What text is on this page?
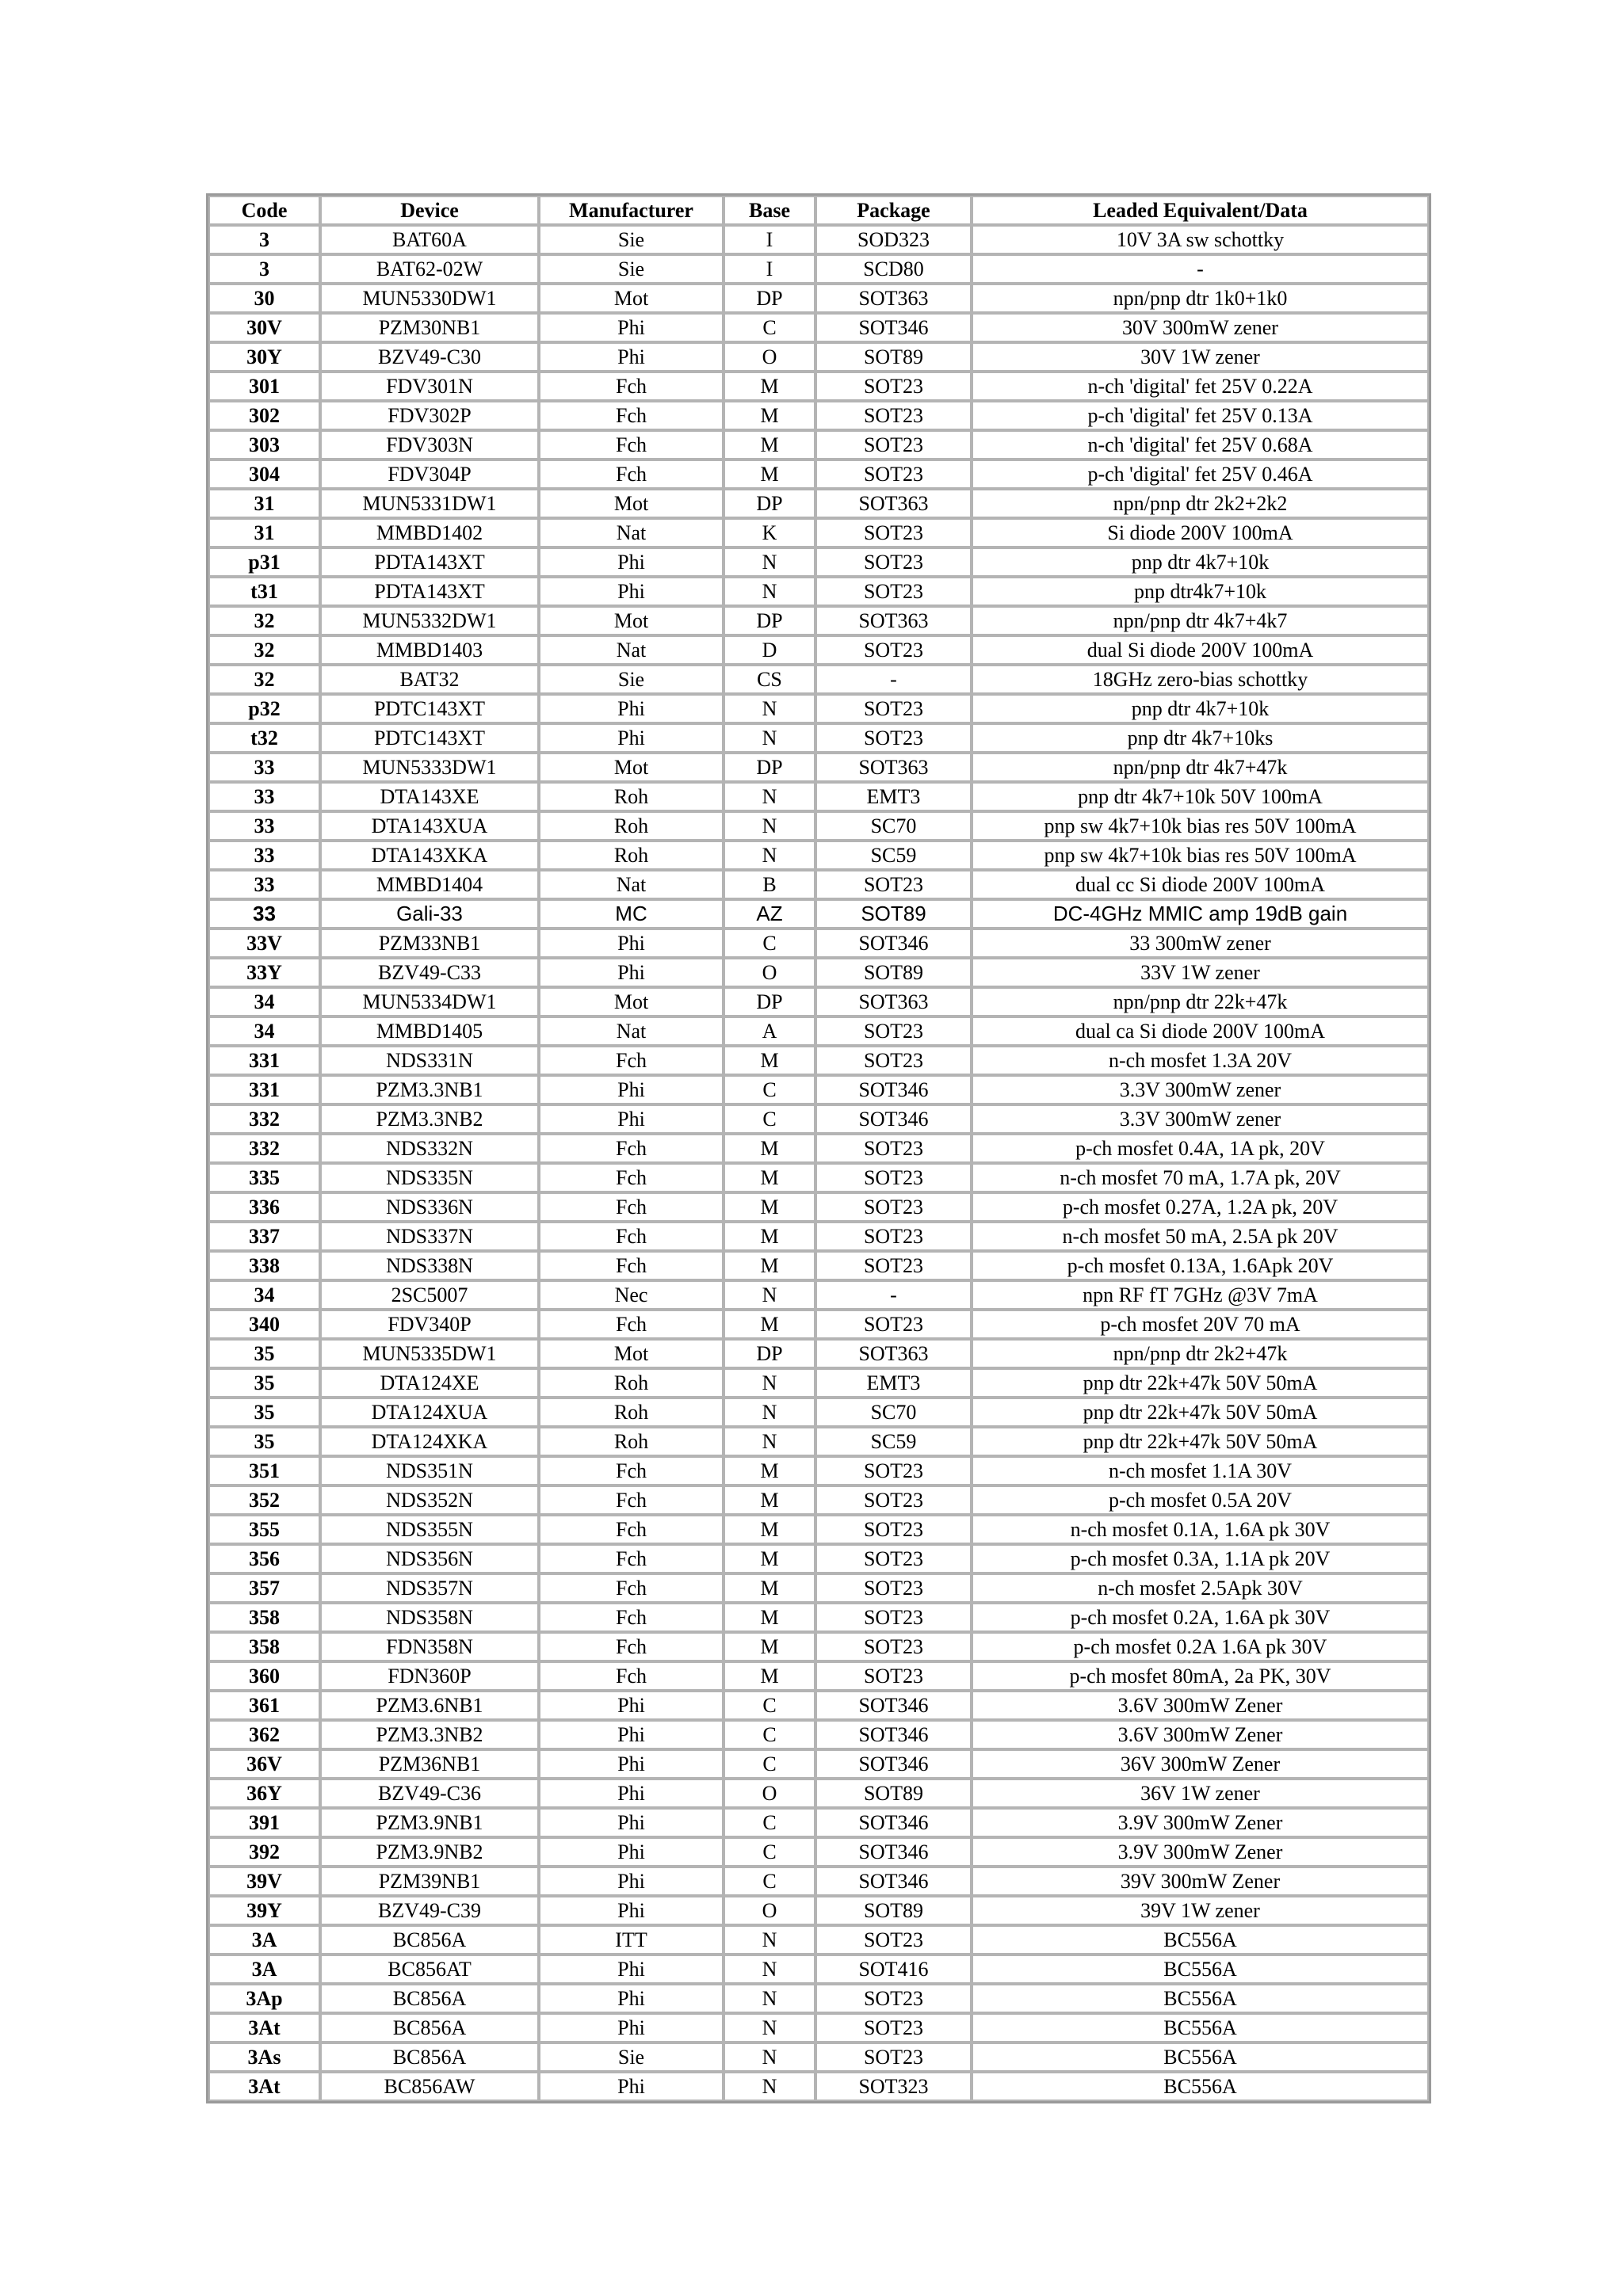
Code	Device	Manufacturer	Base	Package	Leaded Equivalent/Data
3	BAT60A	Sie	I	SOD323	10V 3A sw schottky
3	BAT62-02W	Sie	I	SCD80	-
30	MUN5330DW1	Mot	DP	SOT363	npn/pnp dtr 1k0+1k0
30V	PZM30NB1	Phi	C	SOT346	30V 300mW zener
30Y	BZV49-C30	Phi	O	SOT89	30V 1W zener
301	FDV301N	Fch	M	SOT23	n-ch 'digital' fet 25V 0.22A
302	FDV302P	Fch	M	SOT23	p-ch 'digital' fet 25V 0.13A
303	FDV303N	Fch	M	SOT23	n-ch 'digital' fet 25V 0.68A
304	FDV304P	Fch	M	SOT23	p-ch 'digital' fet 25V 0.46A
31	MUN5331DW1	Mot	DP	SOT363	npn/pnp dtr 2k2+2k2
31	MMBD1402	Nat	K	SOT23	Si diode 200V 100mA
p31	PDTA143XT	Phi	N	SOT23	pnp dtr 4k7+10k
t31	PDTA143XT	Phi	N	SOT23	pnp dtr4k7+10k
32	MUN5332DW1	Mot	DP	SOT363	npn/pnp dtr 4k7+4k7
32	MMBD1403	Nat	D	SOT23	dual Si diode 200V 100mA
32	BAT32	Sie	CS	-	18GHz zero-bias schottky
p32	PDTC143XT	Phi	N	SOT23	pnp dtr 4k7+10k
t32	PDTC143XT	Phi	N	SOT23	pnp dtr 4k7+10ks
33	MUN5333DW1	Mot	DP	SOT363	npn/pnp dtr 4k7+47k
33	DTA143XE	Roh	N	EMT3	pnp dtr 4k7+10k 50V 100mA
33	DTA143XUA	Roh	N	SC70	pnp sw 4k7+10k bias res 50V 100mA
33	DTA143XKA	Roh	N	SC59	pnp sw 4k7+10k bias res 50V 100mA
33	MMBD1404	Nat	B	SOT23	dual cc Si diode 200V 100mA
33	Gali-33	MC	AZ	SOT89	DC-4GHz MMIC amp 19dB gain
33V	PZM33NB1	Phi	C	SOT346	33 300mW zener
33Y	BZV49-C33	Phi	O	SOT89	33V 1W zener
34	MUN5334DW1	Mot	DP	SOT363	npn/pnp dtr 22k+47k
34	MMBD1405	Nat	A	SOT23	dual ca Si diode 200V 100mA
331	NDS331N	Fch	M	SOT23	n-ch mosfet 1.3A 20V
331	PZM3.3NB1	Phi	C	SOT346	3.3V 300mW zener
332	PZM3.3NB2	Phi	C	SOT346	3.3V 300mW zener
332	NDS332N	Fch	M	SOT23	p-ch mosfet 0.4A, 1A pk, 20V
335	NDS335N	Fch	M	SOT23	n-ch mosfet 70 mA, 1.7A pk, 20V
336	NDS336N	Fch	M	SOT23	p-ch mosfet 0.27A, 1.2A pk, 20V
337	NDS337N	Fch	M	SOT23	n-ch mosfet 50 mA, 2.5A pk 20V
338	NDS338N	Fch	M	SOT23	p-ch mosfet 0.13A, 1.6Apk 20V
34	2SC5007	Nec	N	-	npn RF fT 7GHz @3V 7mA
340	FDV340P	Fch	M	SOT23	p-ch mosfet 20V 70 mA
35	MUN5335DW1	Mot	DP	SOT363	npn/pnp dtr 2k2+47k
35	DTA124XE	Roh	N	EMT3	pnp dtr 22k+47k 50V 50mA
35	DTA124XUA	Roh	N	SC70	pnp dtr 22k+47k 50V 50mA
35	DTA124XKA	Roh	N	SC59	pnp dtr 22k+47k 50V 50mA
351	NDS351N	Fch	M	SOT23	n-ch mosfet 1.1A 30V
352	NDS352N	Fch	M	SOT23	p-ch mosfet 0.5A 20V
355	NDS355N	Fch	M	SOT23	n-ch mosfet 0.1A, 1.6A pk 30V
356	NDS356N	Fch	M	SOT23	p-ch mosfet 0.3A, 1.1A pk 20V
357	NDS357N	Fch	M	SOT23	n-ch mosfet 2.5Apk 30V
358	NDS358N	Fch	M	SOT23	p-ch mosfet 0.2A, 1.6A pk 30V
358	FDN358N	Fch	M	SOT23	p-ch mosfet 0.2A 1.6A pk 30V
360	FDN360P	Fch	M	SOT23	p-ch mosfet 80mA, 2a PK, 30V
361	PZM3.6NB1	Phi	C	SOT346	3.6V 300mW Zener
362	PZM3.3NB2	Phi	C	SOT346	3.6V 300mW Zener
36V	PZM36NB1	Phi	C	SOT346	36V 300mW Zener
36Y	BZV49-C36	Phi	O	SOT89	36V 1W zener
391	PZM3.9NB1	Phi	C	SOT346	3.9V 300mW Zener
392	PZM3.9NB2	Phi	C	SOT346	3.9V 300mW Zener
39V	PZM39NB1	Phi	C	SOT346	39V 300mW Zener
39Y	BZV49-C39	Phi	O	SOT89	39V 1W zener
3A	BC856A	ITT	N	SOT23	BC556A
3A	BC856AT	Phi	N	SOT416	BC556A
3Ap	BC856A	Phi	N	SOT23	BC556A
3At	BC856A	Phi	N	SOT23	BC556A
3As	BC856A	Sie	N	SOT23	BC556A
3At	BC856AW	Phi	N	SOT323	BC556A
